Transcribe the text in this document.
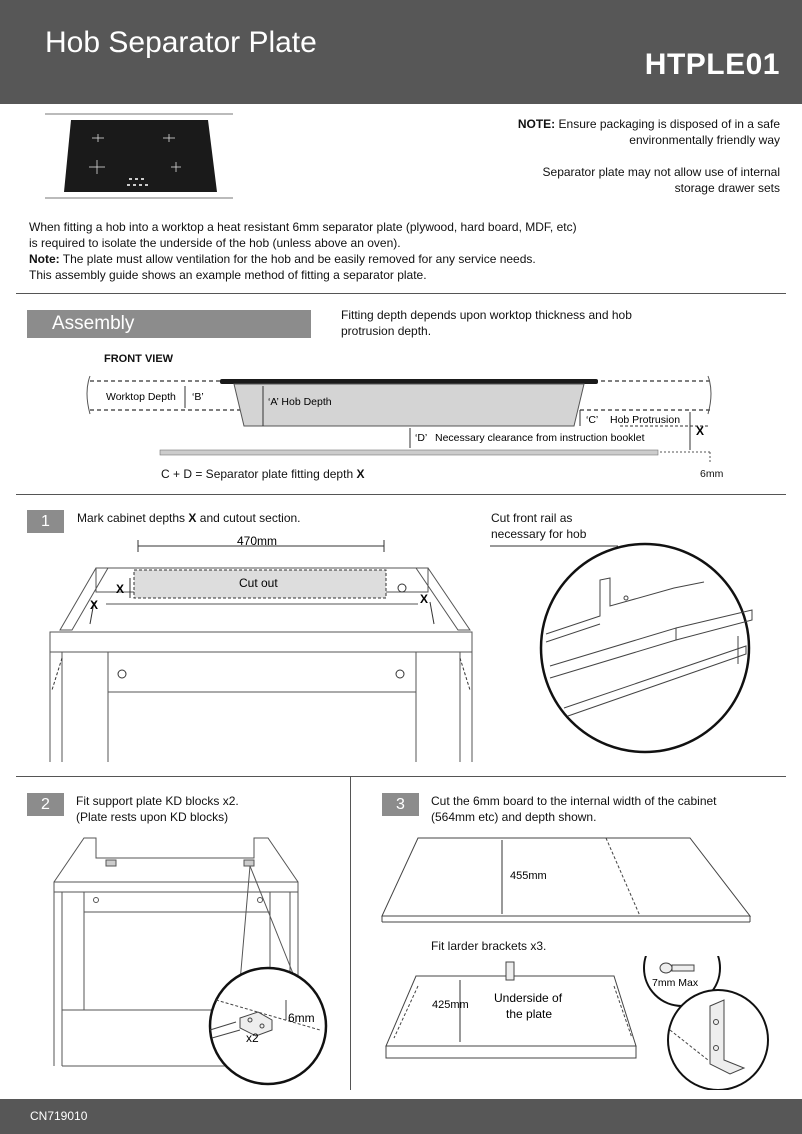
Hob Separator Plate
HTPLE01
NOTE: Ensure packaging is disposed of in a safe
environmentally friendly way
Separator plate may not allow use of internal
storage drawer sets
When fitting a hob into a worktop a heat resistant 6mm separator plate (plywood, hard board, MDF, etc)
is required to isolate the underside of the hob (unless above an oven).
Note: The plate must allow ventilation for the hob and be easily removed for any service needs.
This assembly guide shows an example method of fitting a separator plate.
Assembly	Fitting depth depends upon worktop thickness and hob
protrusion depth.
FRONT VIEW
Worktop Depth ‘B’	‘A’ Hob Depth
‘C’ Hob Protrusion
X
‘D’ Necessary clearance from instruction booklet
C + D = Separator plate fitting depth X	6mm
1	Mark cabinet depths X and cutout section.
470mm
Cut out
X
X	X
Cut front rail as
necessary for hob
2	Fit support plate KD blocks x2.
(Plate rests upon KD blocks)
6mm
x2
3	Cut the 6mm board to the internal width of the cabinet
(564mm etc) and depth shown.
455mm
Fit larder brackets x3.
425mm Underside of
the plate
7mm Max
CN719010
